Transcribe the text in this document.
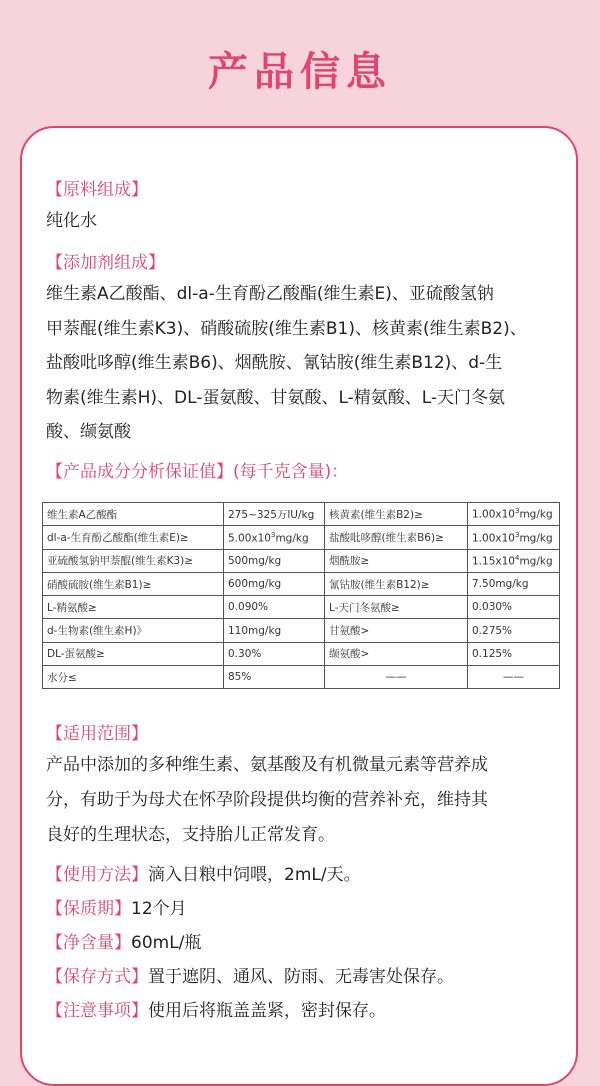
产品信息
【原料组成】
纯化水
【添加剂组成】
维生素A乙酸酯、dl-a-生育酚乙酸酯(维生素E)、亚硫酸氢钠
甲萘醌(维生素K3)、硝酸硫胺(维生素B1)、核黄素(维生素B2)、
盐酸吡哆醇(维生素B6)、烟酰胺、氰钴胺(维生素B12)、d-生
物素(维生素H)、DL-蛋氨酸、甘氨酸、L-精氨酸、L-天门冬氨
酸、缬氨酸
【产品成分分析保证值】(每千克含量)：
维生素A乙酸酯	275~325万lU/kg	核黄素(维生素B2)≥	$1.00x10^3mg/kg$
dl-a-生育酚乙酸酯(维生素E)≥	$5.00x10^3mg/kg$	盐酸吡哆醇(维生素B6)≥	$1.00x10^3mg/kg$
亚硫酸氢钠甲萘醌(维生素K3)≥	500mg/kg	烟酰胺≥	$1.15x10^4mg/kg$
硝酸硫胺(维生素B1)≥	600mg/kg	氰钴胺(维生素B12)≥	7.50mg/kg
L-精氨酸≥	0.090%	L-天门冬氨酸≥	0.030%
d-生物素(维生素H)》	110mg/kg	甘氨酸>	0.275%
DL-蛋氨酸≥	0.30%	缬氨酸>	0.125%
水分≤	85%	——	——
【适用范围】
产品中添加的多种维生素、氨基酸及有机微量元素等营养成
分，有助于为母犬在怀孕阶段提供均衡的营养补充，维持其
良好的生理状态，支持胎儿正常发育。
【使用方法】滴入日粮中饲喂，2mL/天。
【保质期】12个月
【净含量】60mL/瓶
【保存方式】置于遮阴、通风、防雨、无毒害处保存。
【注意事项】使用后将瓶盖盖紧，密封保存。
